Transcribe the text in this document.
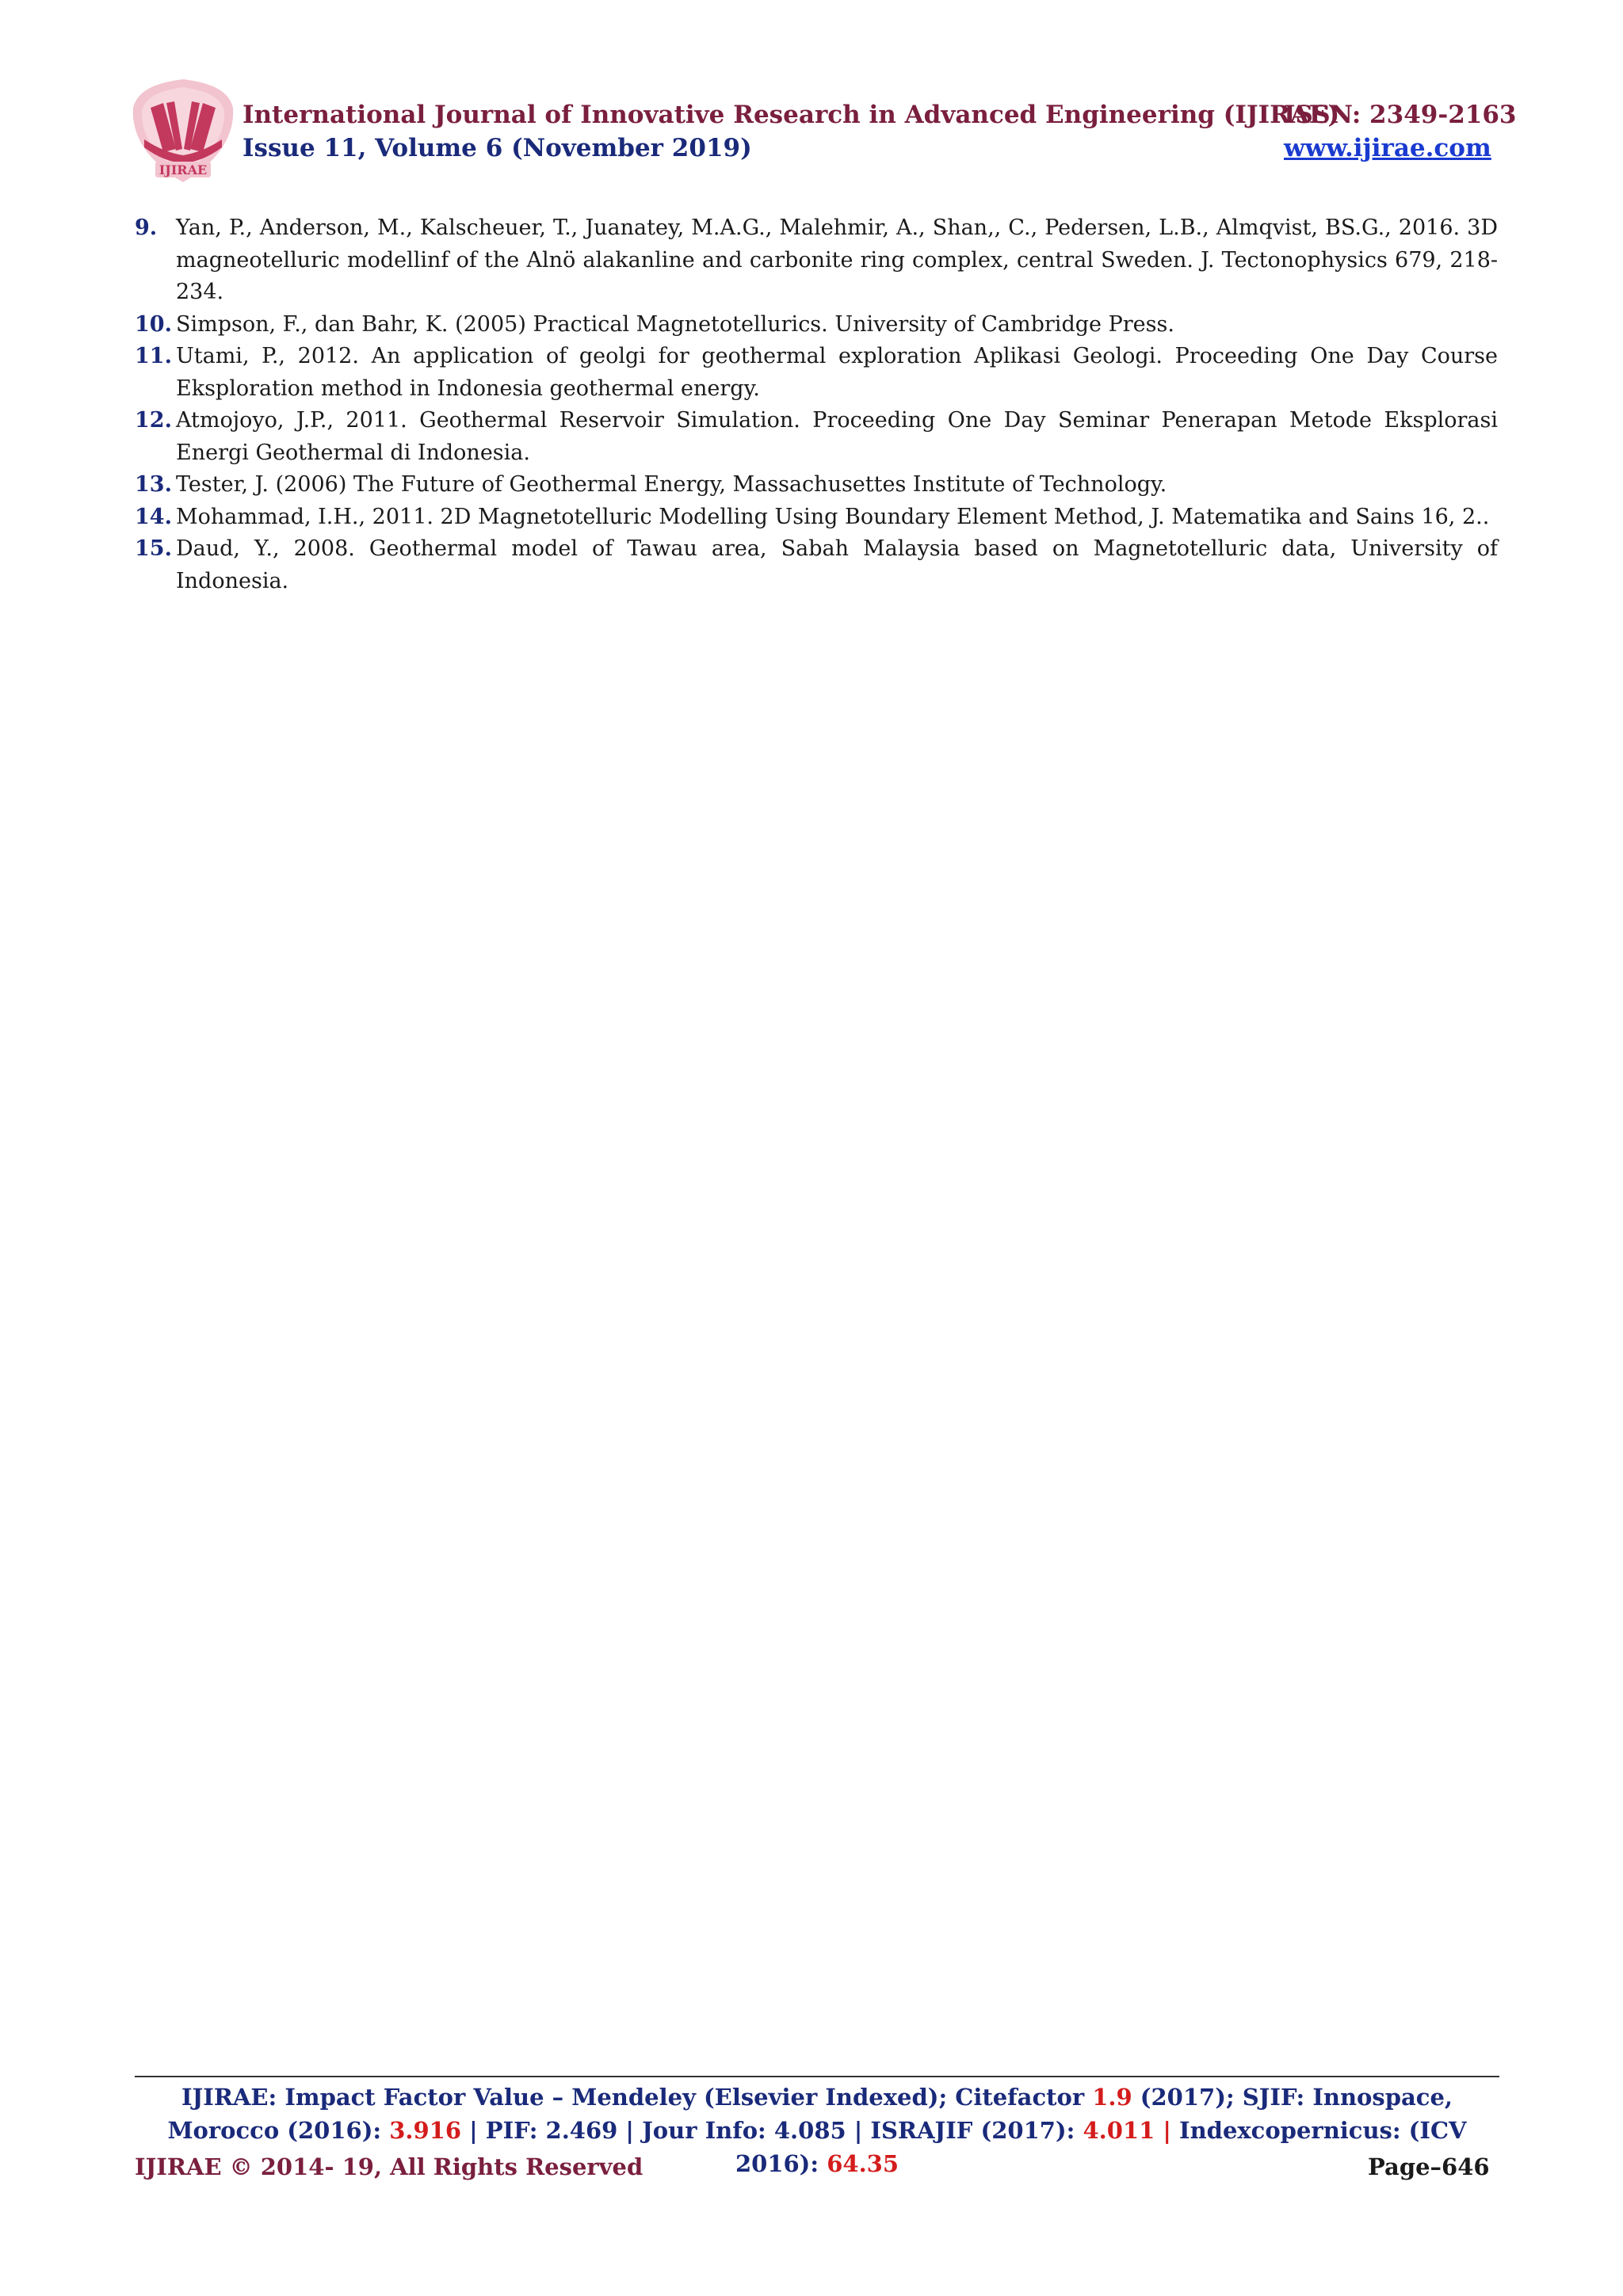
IJIRAE
International Journal of Innovative Research in Advanced Engineering (IJIRAE)
Issue 11, Volume 6 (November 2019)
ISSN: 2349-2163
www.ijirae.com
9. Yan, P., Anderson, M., Kalscheuer, T., Juanatey, M.A.G., Malehmir, A., Shan,, C., Pedersen, L.B., Almqvist, BS.G., 2016. 3D magneotelluric modellinf of the Alnö alakanline and carbonite ring complex, central Sweden. J. Tectonophysics 679, 218-234.
10. Simpson, F., dan Bahr, K. (2005) Practical Magnetotellurics. University of Cambridge Press.
11. Utami, P., 2012. An application of geolgi for geothermal exploration Aplikasi Geologi. Proceeding One Day Course Eksploration method in Indonesia geothermal energy.
12. Atmojoyo, J.P., 2011. Geothermal Reservoir Simulation. Proceeding One Day Seminar Penerapan Metode Eksplorasi Energi Geothermal di Indonesia.
13. Tester, J. (2006) The Future of Geothermal Energy, Massachusettes Institute of Technology.
14. Mohammad, I.H., 2011. 2D Magnetotelluric Modelling Using Boundary Element Method, J. Matematika and Sains 16, 2..
15. Daud, Y., 2008. Geothermal model of Tawau area, Sabah Malaysia based on Magnetotelluric data, University of Indonesia.
IJIRAE: Impact Factor Value – Mendeley (Elsevier Indexed); Citefactor 1.9 (2017); SJIF: Innospace, Morocco (2016): 3.916 | PIF: 2.469 | Jour Info: 4.085 | ISRAJIF (2017): 4.011 | Indexcopernicus: (ICV 2016): 64.35
IJIRAE © 2014- 19, All Rights Reserved	Page–646
